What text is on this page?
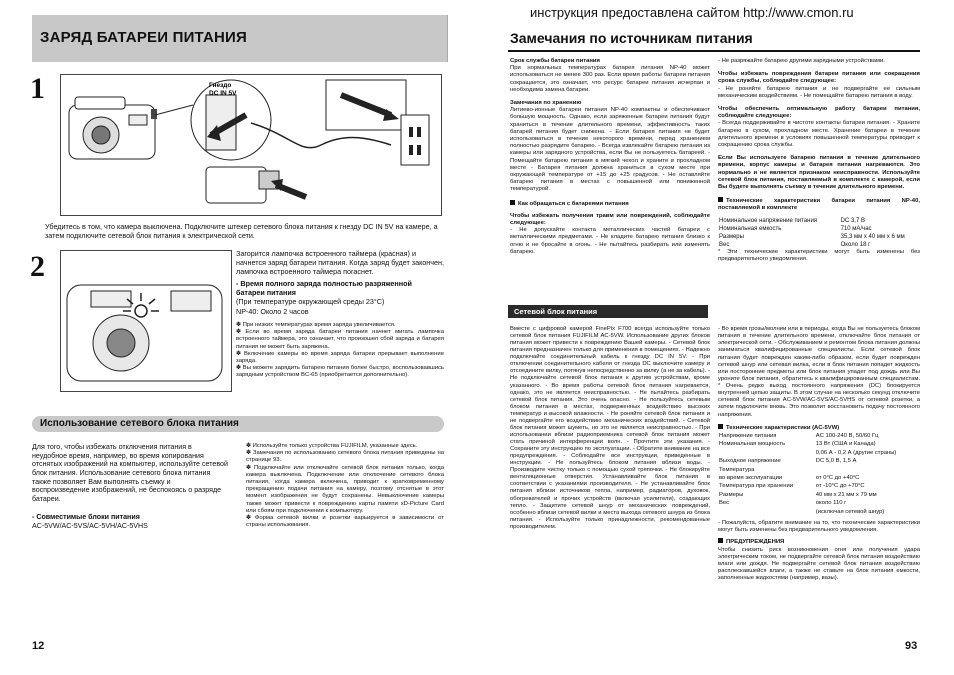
ЗАРЯД БАТАРЕИ ПИТАНИЯ
1	Гнездо
DC IN 5V

Убедитесь в том, что камера выключена. Подключите штекер сетевого блока питания к гнезду DC IN 5V на камере, а затем подключите сетевой блок питания к электрической сети.

2	Загорится лампочка встроенного таймера (красная) и начнется заряд батареи питания. Когда заряд будет закончен, лампочка встроенного таймера погаснет.

- Время полного заряда полностью разряженной батареи питания

(При температуре окружающей среды 23°С)

NP-40: Около 2 часов

✽ При низких температурах время заряда увеличивается.

✽ Если во время заряда батареи питания начнет мигать лампочка встроенного таймера, это означает, что произошел сбой заряда и батарея питания не может быть заряжена.

✽ Включение камеры во время заряда батареи прерывает выполнение заряда.

✽ Вы можете зарядить батарею питания более быстро, воспользовавшись зарядным устройством BC-65 (приобретается дополнительно).

Использование сетевого блока питания

Для того, чтобы избежать отключения питания в неудобное время, например, во время копирования отснятых изображений на компьютер, используйте сетевой блок питания. Использование сетевого блока питания также позволяет Вам выполнять съемку и воспроизведение изображений, не беспокоясь о разряде батареи.

- Совместимые блоки питания

AC-5VW/AC-5VS/AC-5VH/AC-5VHS

✽ Используйте только устройства FUJIFILM, указанные здесь.

✽ Замечания по использованию сетевого блока питания приведены на странице 93.

✽ Подключайте или отключайте сетевой блок питания только, когда камера выключена. Подключение или отключение сетевого блока питания, когда камера включена, приводит к кратковременному прекращению подачи питания на камеру, поэтому отснятые в этот момент изображения не будут сохранены. Невыключение камеры также может привести к повреждению карты памяти xD-Picture Card или сбоям при подключении к компьютеру.

✽ Форма сетевой вилки и розетки варьируется в зависимости от страны использования.

12
инструкция предоставлена сайтом http://www.cmon.ru
Замечания по источникам питания

Срок службы батареи питания

При нормальных температурах батарея питания NP-40 может использоваться не менее 300 раз. Если время работы батареи питания сокращается, это означает, что ресурс батареи питания исчерпан и необходима замена батареи.

Замечания по хранению

Литиево-ионные батареи питания NP-40 компактны и обеспечивают большую мощность. Однако, если заряженные батареи питания будут храниться в течение длительного времени, эффективность таких батарей питания будет снижена. - Если батарея питания не будет использоваться в течение некоторого времени, перед хранением полностью разрядите батарею. - Всегда извлекайте батарею питания из камеры или зарядного устройства, если Вы не пользуетесь батареей. - Помещайте батарею питания в мягкий чехол и храните в прохладном месте - Батарея питания должна храниться в сухом месте при окружающей температуре от +15 до +25 градусов. - Не оставляйте батарею питания в местах с повышенной или пониженной температурой.

Как обращаться с батареями питания

Чтобы избежать получения травм или повреждений, соблюдайте следующее:

- Не допускайте контакта металлических частей батареи с металлическими предметами. - Не кладите батарею питания близко к огню и не бросайте в огонь. - Не пытайтесь разбирать или изменять батарею.

- Не разряжайте батарею другими зарядными устройствами.

Чтобы избежать повреждения батареи питания или сокращения срока службы, соблюдайте следующее:

- Не роняйте батарею питания и не подвергайте ее сильным механическим воздействиям. - Не помещайте батарею питания в воду.

Чтобы обеспечить оптимальную работу батареи питания, соблюдайте следующее:

- Всегда поддерживайте в чистоте контакты батареи питания. - Храните батарею в сухом, прохладном месте. Хранение батареи в течение длительного времени в условиях повышенной температуры приводит к сокращению срока службы.

Если Вы используете батарею питания в течение длительного времени, корпус камеры и батарея питания нагреваются. Это нормально и не является признаком неисправности. Используйте сетевой блок питания, поставляемый в комплекте с камерой, если Вы будете выполнять съемку в течение длительного времени.

Технические характеристики батареи питания NP-40, поставляемой в комплекте

Номинальное напряжение питания	DC 3,7 В
Номинальная емкость	710 мА/час
Размеры	35,3 мм х 40 мм х 6 мм
Вес	Около 18 г

* Эти технические характеристики могут быть изменены без предварительного уведомления.

Сетевой блок питания

Вместе с цифровой камерой FinePix F700 всегда используйте только сетевой блок питания FUJIFILM AC-5VW. Использование других блоков питания может привести к повреждению Вашей камеры. - Сетевой блок питания предназначен только для применения в помещениях. - Надежно подключайте соединительный кабель к гнезду DC IN 5V. - При отключении соединительного кабеля от гнезда DC выключите камеру и отсоедините вилку, потянув непосредственно за вилку (а не за кабель). - Не подключайте сетевой блок питания к другим устройствам, кроме указанного. - Во время работы сетевой блок питания нагревается, однако, это не является неисправностью. - Не пытайтесь разбирать сетевой блок питания. Это очень опасно. - Не пользуйтесь сетевым блоком питания в местах, подверженных воздействию высоких температур и высокой влажности. - Не роняйте сетевой блок питания и не подвергайте его воздействию механических воздействий. - Сетевой блок питания может шуметь, но это не является неисправностью. - При использовании вблизи радиоприемника сетевой блок питания может стать причиной интерференции волн. - Прочтите эти указания. - Сохраните эту инструкцию по эксплуатации. - Обратите внимание на все предупреждения. - Соблюдайте все инструкции, приведенные в инструкции. - Не пользуйтесь блоком питания вблизи воды. - Производите чистку только с помощью сухой тряпочки. - Не блокируйте вентиляционные отверстия. Устанавливайте блок питания в соответствии с указаниями производителя. - Не устанавливайте блок питания вблизи источников тепла, например, радиаторов, духовок, обогревателей и прочих устройств (включая усилители), создающих тепло. - Защитите сетевой шнур от механических повреждений, особенно вблизи сетевой вилки и места выхода сетевого шнура из блока питания. - Используйте только принадлежности, рекомендованные производителем.

- Во время грозы/молнии или в периоды, когда Вы не пользуетесь блоком питания в течение длительного времени, отключайте блок питания от электрической сети. - Обслуживанием и ремонтом блока питания должны заниматься квалифицированные специалисты. Если сетевой блок питания будет поврежден каким-либо образом, если будет поврежден сетевой шнур или сетевая вилка, если в блок питания попадет жидкость или посторонние предметы или блок питания упадет под дождь или Вы уроните блок питания, обратитесь к квалифицированным специалистам. * Очень редко выход постоянного напряжения (DC) блокируется внутренней цепью защиты. В этом случае на несколько секунд отключите сетевой блок питания AC-5VW/AC-5VS/AC-5VHS от сетевой розетки, а затем подключите вновь. Это позволит восстановить подачу постоянного напряжения.

Технические характеристики (AC-5VW)

Напряжение питания	AC 100-240 В, 50/60 Гц
Номинальная мощность	13 Вт (США и Канада)
	0,06 А - 0,2 А (другие страны)
Выходное напряжение	DC 5,0 В, 1,5 А
Температура	
во время эксплуатации	от 0°С до +40°С
Температура при хранении	от -10°С до +70°С
Размеры	40 мм х 21 мм х 79 мм
Вес	около 110 г
	(исключая сетевой шнур)

- Пожалуйста, обратите внимание на то, что технические характеристики могут быть изменены без предварительного уведомления.

ПРЕДУПРЕЖДЕНИЯ

Чтобы снизить риск возникновения огня или получения удара электрическим током, не подвергайте сетевой блок питания воздействию влаги или дождя. Не подвергайте сетевой блок питания воздействию расплескавшейся влаги, а также не ставьте на блок питания емкости, заполненные жидкостями (например, вазы).

93
